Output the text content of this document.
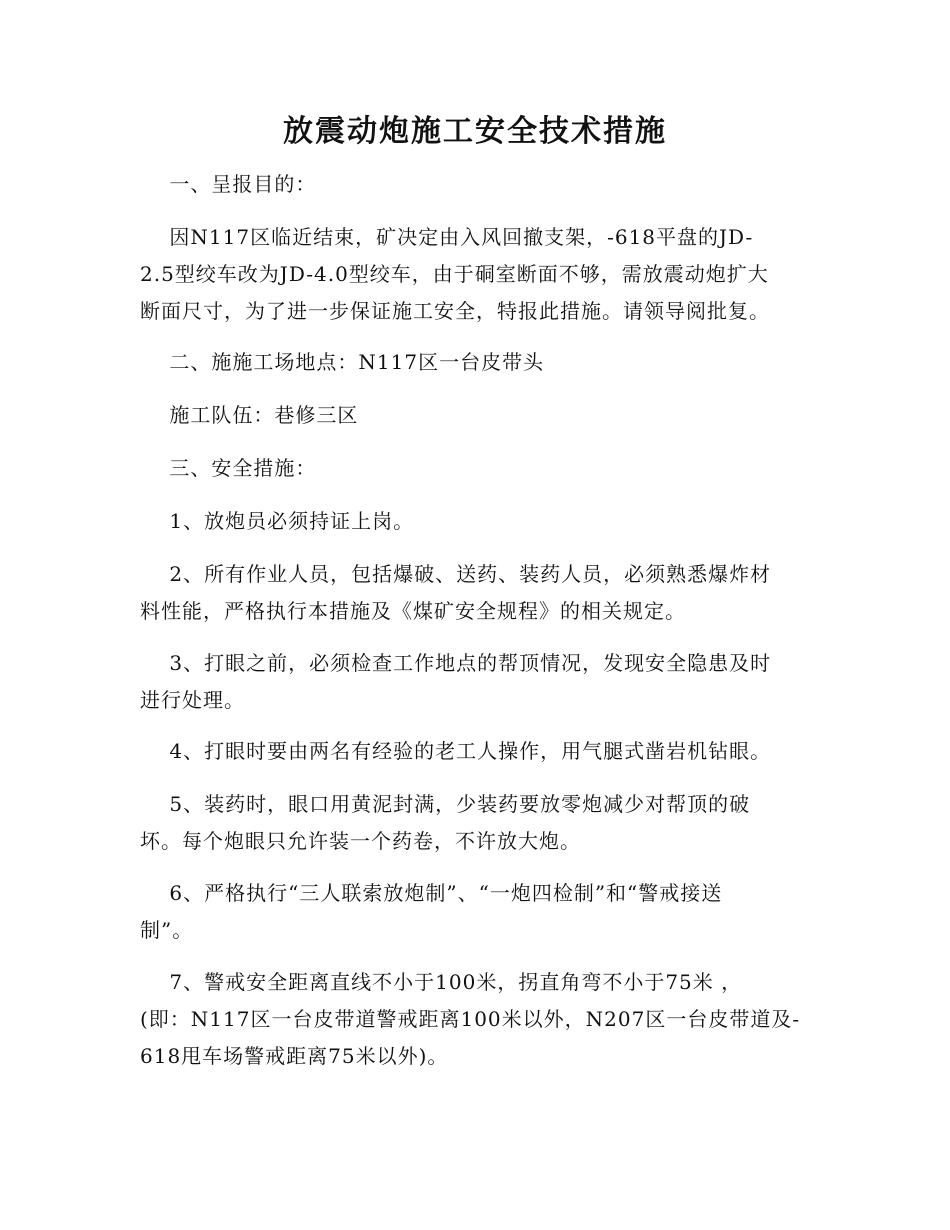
放震动炮施工安全技术措施
一、呈报目的：
因N117区临近结束，矿决定由入风回撤支架，-618平盘的JD-
2.5型绞车改为JD-4.0型绞车，由于硐室断面不够，需放震动炮扩大
断面尺寸，为了进一步保证施工安全，特报此措施。请领导阅批复。
二、施施工场地点：N117区一台皮带头
施工队伍：巷修三区
三、安全措施：
1、放炮员必须持证上岗。
2、所有作业人员，包括爆破、送药、装药人员，必须熟悉爆炸材
料性能，严格执行本措施及《煤矿安全规程》的相关规定。
3、打眼之前，必须检查工作地点的帮顶情况，发现安全隐患及时
进行处理。
4、打眼时要由两名有经验的老工人操作，用气腿式凿岩机钻眼。
5、装药时，眼口用黄泥封满，少装药要放零炮减少对帮顶的破
坏。每个炮眼只允许装一个药卷，不许放大炮。
6、严格执行“三人联索放炮制”、“一炮四检制”和“警戒接送
制”。
7、警戒安全距离直线不小于100米，拐直角弯不小于75米 ，
(即：N117区一台皮带道警戒距离100米以外，N207区一台皮带道及-
618甩车场警戒距离75米以外)。
